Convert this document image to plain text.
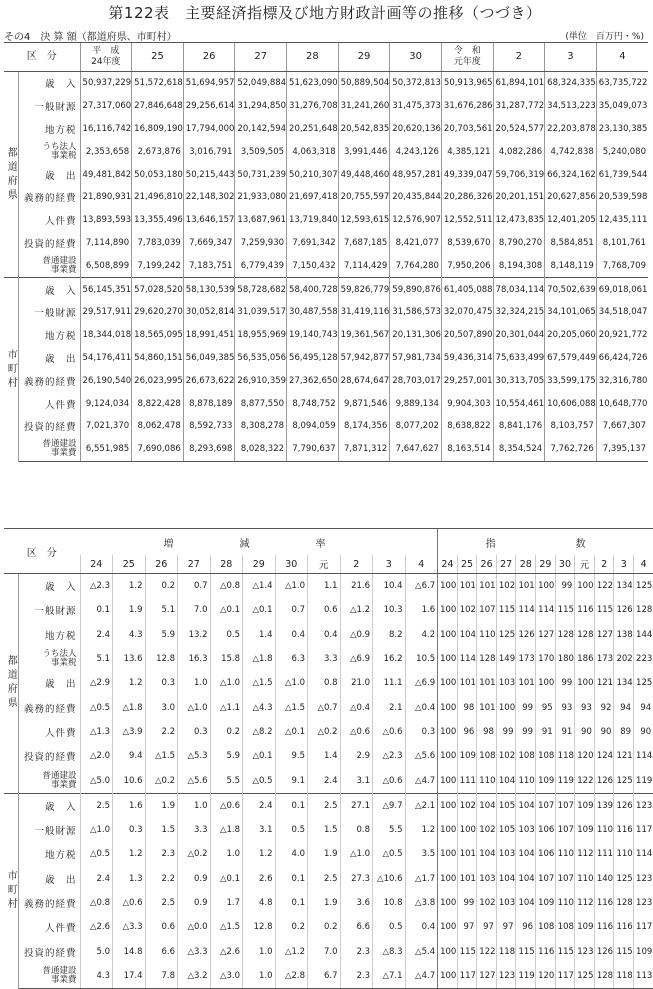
第122表　主要経済指標及び地方財政計画等の推移（つづき）
その4　決 算 額（都道府県、市町村）	(単位　百万円・%)
区　分		平　成
24年度	25	26	27	28	29	30	令　和
元年度	2	3	4
都道府県	歳　入	50,937,229	51,572,618	51,694,957	52,049,884	51,623,090	50,889,504	50,372,813	50,913,965	61,894,101	68,324,335	63,735,722
	一般財源	27,317,060	27,846,648	29,256,614	31,294,850	31,276,708	31,241,260	31,475,373	31,676,286	31,287,772	34,513,223	35,049,073
	地方税	16,116,742	16,809,190	17,794,000	20,142,594	20,251,648	20,542,835	20,620,136	20,703,561	20,524,577	22,203,878	23,130,385
	うち法人
事業税	2,353,658	2,673,876	3,016,791	3,509,505	4,063,318	3,991,446	4,243,126	4,385,121	4,082,286	4,742,838	5,240,080
	歳　出	49,481,842	50,053,180	50,215,443	50,731,239	50,210,307	49,448,460	48,957,281	49,339,047	59,706,319	66,324,162	61,739,544
	義務的経費	21,890,931	21,496,810	22,148,302	21,933,080	21,697,418	20,755,597	20,435,844	20,286,326	20,201,151	20,627,856	20,539,598
	人件費	13,893,593	13,355,496	13,646,157	13,687,961	13,719,840	12,593,615	12,576,907	12,552,511	12,473,835	12,401,205	12,435,111
	投資的経費	7,114,890	7,783,039	7,669,347	7,259,930	7,691,342	7,687,185	8,421,077	8,539,670	8,790,270	8,584,851	8,101,761
	普通建設
事業費	6,508,899	7,199,242	7,183,751	6,779,439	7,150,432	7,114,429	7,764,280	7,950,206	8,194,308	8,148,119	7,768,709
市町村	歳　入	56,145,351	57,028,520	58,130,539	58,728,682	58,400,728	59,826,779	59,890,876	61,405,088	78,034,114	70,502,639	69,018,061
	一般財源	29,517,911	29,620,270	30,052,814	31,039,517	30,487,558	31,419,116	31,586,573	32,070,475	32,324,215	34,101,065	34,518,047
	地方税	18,344,018	18,565,095	18,991,451	18,955,969	19,140,743	19,361,567	20,131,306	20,507,890	20,301,044	20,205,060	20,921,772
	歳　出	54,176,411	54,860,151	56,049,385	56,535,056	56,495,128	57,942,877	57,981,734	59,436,314	75,633,499	67,579,449	66,424,726
	義務的経費	26,190,540	26,023,995	26,673,622	26,910,359	27,362,650	28,674,647	28,703,017	29,257,001	30,313,705	33,599,175	32,316,780
	人件費	9,124,034	8,822,428	8,878,189	8,877,550	8,748,752	9,871,546	9,889,134	9,904,303	10,554,461	10,606,088	10,648,770
	投資的経費	7,021,370	8,062,478	8,592,733	8,308,278	8,094,059	8,174,356	8,077,202	8,638,822	8,841,176	8,103,757	7,667,307
	普通建設
事業費	6,551,985	7,690,086	8,293,698	8,028,322	7,790,637	7,871,312	7,647,627	8,163,514	8,354,524	7,762,726	7,395,137
区　分		増　減　率											指　　数										
		24	25	26	27	28	29	30	元	2	3	4	24	25	26	27	28	29	30	元	2	3	4
都道府県	歳　入	△2.3	1.2	0.2	0.7	△0.8	△1.4	△1.0	1.1	21.6	10.4	△6.7	100	101	101	102	101	100	99	100	122	134	125
	一般財源	0.1	1.9	5.1	7.0	△0.1	△0.1	0.7	0.6	△1.2	10.3	1.6	100	102	107	115	114	114	115	116	115	126	128
	地方税	2.4	4.3	5.9	13.2	0.5	1.4	0.4	0.4	△0.9	8.2	4.2	100	104	110	125	126	127	128	128	127	138	144
	うち法人
事業税	5.1	13.6	12.8	16.3	15.8	△1.8	6.3	3.3	△6.9	16.2	10.5	100	114	128	149	173	170	180	186	173	202	223
	歳　出	△2.9	1.2	0.3	1.0	△1.0	△1.5	△1.0	0.8	21.0	11.1	△6.9	100	101	101	103	101	100	99	100	121	134	125
	義務的経費	△0.5	△1.8	3.0	△1.0	△1.1	△4.3	△1.5	△0.7	△0.4	2.1	△0.4	100	98	101	100	99	95	93	93	92	94	94
	人件費	△1.3	△3.9	2.2	0.3	0.2	△8.2	△0.1	△0.2	△0.6	△0.6	0.3	100	96	98	99	99	91	91	90	90	89	90
	投資的経費	△2.0	9.4	△1.5	△5.3	5.9	△0.1	9.5	1.4	2.9	△2.3	△5.6	100	109	108	102	108	108	118	120	124	121	114
	普通建設
事業費	△5.0	10.6	△0.2	△5.6	5.5	△0.5	9.1	2.4	3.1	△0.6	△4.7	100	111	110	104	110	109	119	122	126	125	119
市町村	歳　入	2.5	1.6	1.9	1.0	△0.6	2.4	0.1	2.5	27.1	△9.7	△2.1	100	102	104	105	104	107	107	109	139	126	123
	一般財源	△1.0	0.3	1.5	3.3	△1.8	3.1	0.5	1.5	0.8	5.5	1.2	100	100	102	105	103	106	107	109	110	116	117
	地方税	△0.5	1.2	2.3	△0.2	1.0	1.2	4.0	1.9	△1.0	△0.5	3.5	100	101	104	103	104	106	110	112	111	110	114
	歳　出	2.4	1.3	2.2	0.9	△0.1	2.6	0.1	2.5	27.3	△10.6	△1.7	100	101	103	104	104	107	107	110	140	125	123
	義務的経費	△0.8	△0.6	2.5	0.9	1.7	4.8	0.1	1.9	3.6	10.8	△3.8	100	99	102	103	104	109	110	112	116	128	123
	人件費	△2.6	△3.3	0.6	△0.0	△1.5	12.8	0.2	0.2	6.6	0.5	0.4	100	97	97	97	96	108	108	109	116	116	117
	投資的経費	5.0	14.8	6.6	△3.3	△2.6	1.0	△1.2	7.0	2.3	△8.3	△5.4	100	115	122	118	115	116	115	123	126	115	109
	普通建設
事業費	4.3	17.4	7.8	△3.2	△3.0	1.0	△2.8	6.7	2.3	△7.1	△4.7	100	117	127	123	119	120	117	125	128	118	113
